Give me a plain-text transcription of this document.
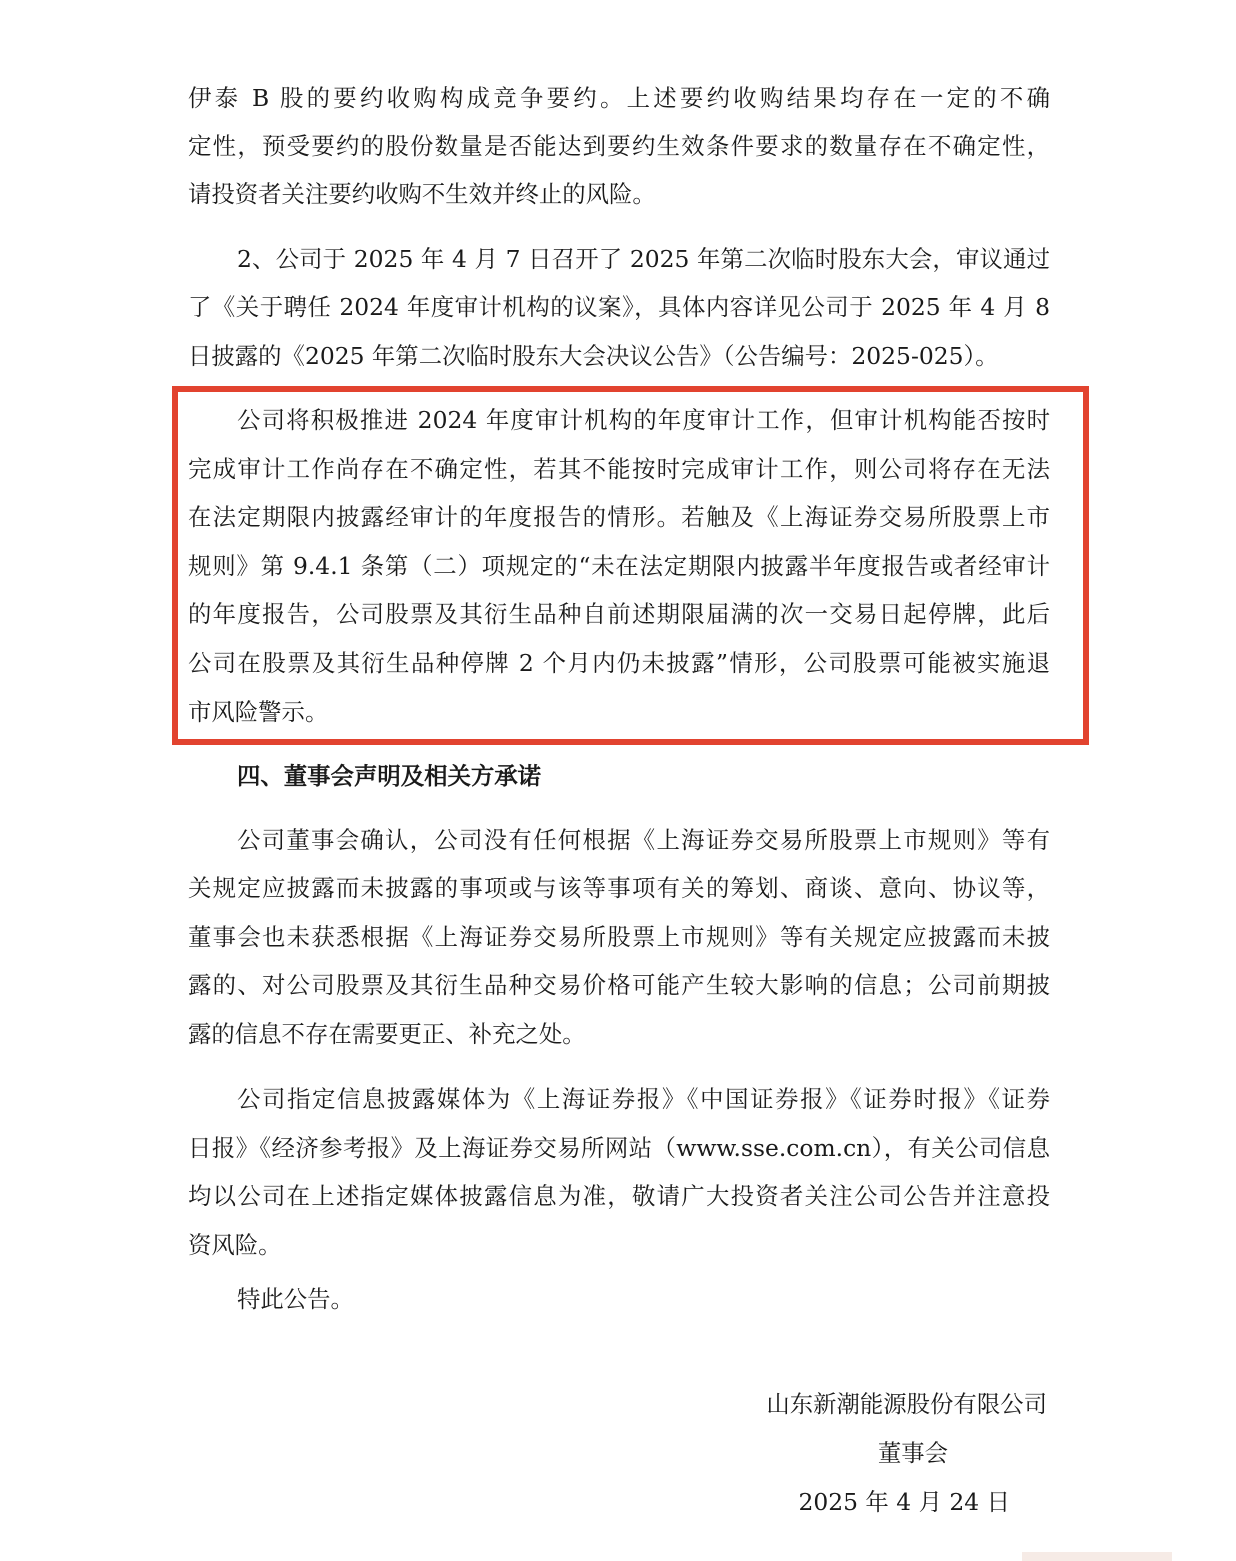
伊泰 B 股的要约收购构成竞争要约。上述要约收购结果均存在一定的不确
定性，预受要约的股份数量是否能达到要约生效条件要求的数量存在不确定性，
请投资者关注要约收购不生效并终止的风险。
2、公司于 2025 年 4 月 7 日召开了 2025 年第二次临时股东大会，审议通过
了《关于聘任 2024 年度审计机构的议案》，具体内容详见公司于 2025 年 4 月 8
日披露的《2025 年第二次临时股东大会决议公告》（公告编号：2025-025）。
公司将积极推进 2024 年度审计机构的年度审计工作，但审计机构能否按时
完成审计工作尚存在不确定性，若其不能按时完成审计工作，则公司将存在无法
在法定期限内披露经审计的年度报告的情形。若触及《上海证券交易所股票上市
规则》第 9.4.1 条第（二）项规定的“未在法定期限内披露半年度报告或者经审计
的年度报告，公司股票及其衍生品种自前述期限届满的次一交易日起停牌，此后
公司在股票及其衍生品种停牌 2 个月内仍未披露”情形，公司股票可能被实施退
市风险警示。
四、董事会声明及相关方承诺
公司董事会确认，公司没有任何根据《上海证券交易所股票上市规则》等有
关规定应披露而未披露的事项或与该等事项有关的筹划、商谈、意向、协议等，
董事会也未获悉根据《上海证券交易所股票上市规则》等有关规定应披露而未披
露的、对公司股票及其衍生品种交易价格可能产生较大影响的信息；公司前期披
露的信息不存在需要更正、补充之处。
公司指定信息披露媒体为《上海证券报》《中国证券报》《证券时报》《证券
日报》《经济参考报》及上海证券交易所网站（www.sse.com.cn），有关公司信息
均以公司在上述指定媒体披露信息为准，敬请广大投资者关注公司公告并注意投
资风险。
特此公告。
山东新潮能源股份有限公司
董事会
2025 年 4 月 24 日
